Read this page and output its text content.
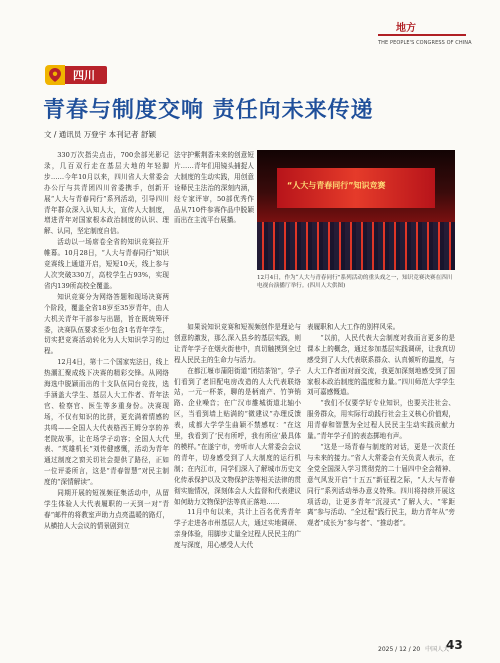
地方
THE PEOPLE'S CONGRESS OF CHINA
四川
青春与制度交响 责任向未来传递
文 / 通讯员 万登宇 本刊记者 舒颖

330万次指尖点击，700余部光影记录，几百双行走在基层大地的年轻脚步……今年10月以来，四川省人大常委会办公厅与共青团四川省委携手，创新开展“人大与青春同行”系列活动，引导四川青年群众深入认知人大，宣传人大制度，增进青年对国家根本政治制度的认识、理解、认同，坚定制度自信。

活动以一场席卷全省的知识竞赛拉开帷幕。10月28日，“人大与青春同行”知识竞赛线上通道开启，短短10天，线上参与人次突破330万，高校学生占93%，实现省内139所高校全覆盖。

知识竞赛分为网络答题和现场决赛两个阶段，覆盖全省18岁至35岁青年，由人大机关青年干部参与出题，旨在既统筹评委，决赛队伍要求至少包含1名青年学生，切实把竞赛活动转化为人大知识学习的过程。

12月4日，第十二个国家宪法日，线上热潮汇聚成线下决赛的精彩交锋。从网络海选中脱颖而出的十支队伍同台竞技，选手涵盖大学生、基层人大工作者、青年法官、检察官、医生等多重身份。决赛现场，不仅有知识的比拼，更充满着情感的共鸣——全国人大代表格西王姆分享的养老院故事，让在场学子动容；全国人大代表、“英雄机长”刘传健感慨，活动为青年通过制度之窗关切社会提供了路径，正如一位评委所言，这是“青春智慧”对民主制度的“深情解读”。

同期开展的短视频征集活动中，从留学生体验人大代表履职的一天到一对“青春”邮件的将教室声助力点亮温暖的路灯，从横拍人大会议的情景剧到立

法守护紫荆香未来的创意短片……青年们用镜头捕捉人大制度的生动实践，用创意诠释民主法治的深刻内涵，经专家评审，50部优秀作品从710件参赛作品中脱颖而出在主流平台展播。

“人大与青春同行”知识竞赛
12月4日，作为“人大与青春同行”系列活动的重头戏之一，知识竞赛决赛在四川电视台演播厅举行。(四川人大供图)

如果说知识竞赛和短视频创作是理论与创意的激发，那么深入县乡的基层实践，则让青年学子在烟火街巷中，真切触摸到全过程人民民主的生命力与活力。

在都江堰市蒲阳街道“团结茶馆”，学子们看到了老旧配电房改造的人大代表联络站，一元一杯茶，聊的是柄南产、竹笋销路、企业噪音；在广汉市雒城街道北轴小区，当看到墙上贴满的“微建议”办理反馈表，成都大学学生曲颖不禁感叹：“在这里，我看到了‘民有所呼，我有所应’最具体的模样。”在遂宁市，旁听市人大常委会会议的青年，切身感受到了人大制度的运行机制；在内江市，同学们深入了解城市历史文化传承保护以及文物保护法等相关法律的贯彻实施情况，深刻体会人大监督和代表建议如何助力文物保护法等真正落地……

11月中旬以来，共计上百名优秀青年学子走进各市州基层人大，通过实地调研、亲身体验，用脚步丈量全过程人民民主的广度与深度，用心感受人大代

表履职和人大工作的别样风采。

“以前，人民代表大会制度对我而言更多的是课本上的概念，通过参加基层实践调研，让我真切感受到了人大代表联系群众、认真倾听的温度，与人大工作者面对面交流，我更加深刻地感受到了国家根本政治制度的温度和力量。”四川师范大学学生刘可嘉感慨道。

“我们不仅要学好专业知识，也要关注社会、服务群众，用实际行动践行社会主义核心价值观，用青春和智慧为全过程人民民主生动实践贡献力量。”青年学子们的表态掷地有声。

“这是一场青春与制度的对话，更是一次责任与未来的接力。”省人大常委会有关负责人表示，在全党全国深入学习贯彻党的二十届四中全会精神、意气风发开启“十五五”新征程之际，“人大与青春同行”系列活动举办意义特殊。四川将持续开展这项活动，让更多青年“沉浸式”了解人大、“零距离”参与活动、“全过程”践行民主，助力青年从“旁观者”成长为“参与者”、“推动者”。

2025 / 12 / 20 中国人大
43
